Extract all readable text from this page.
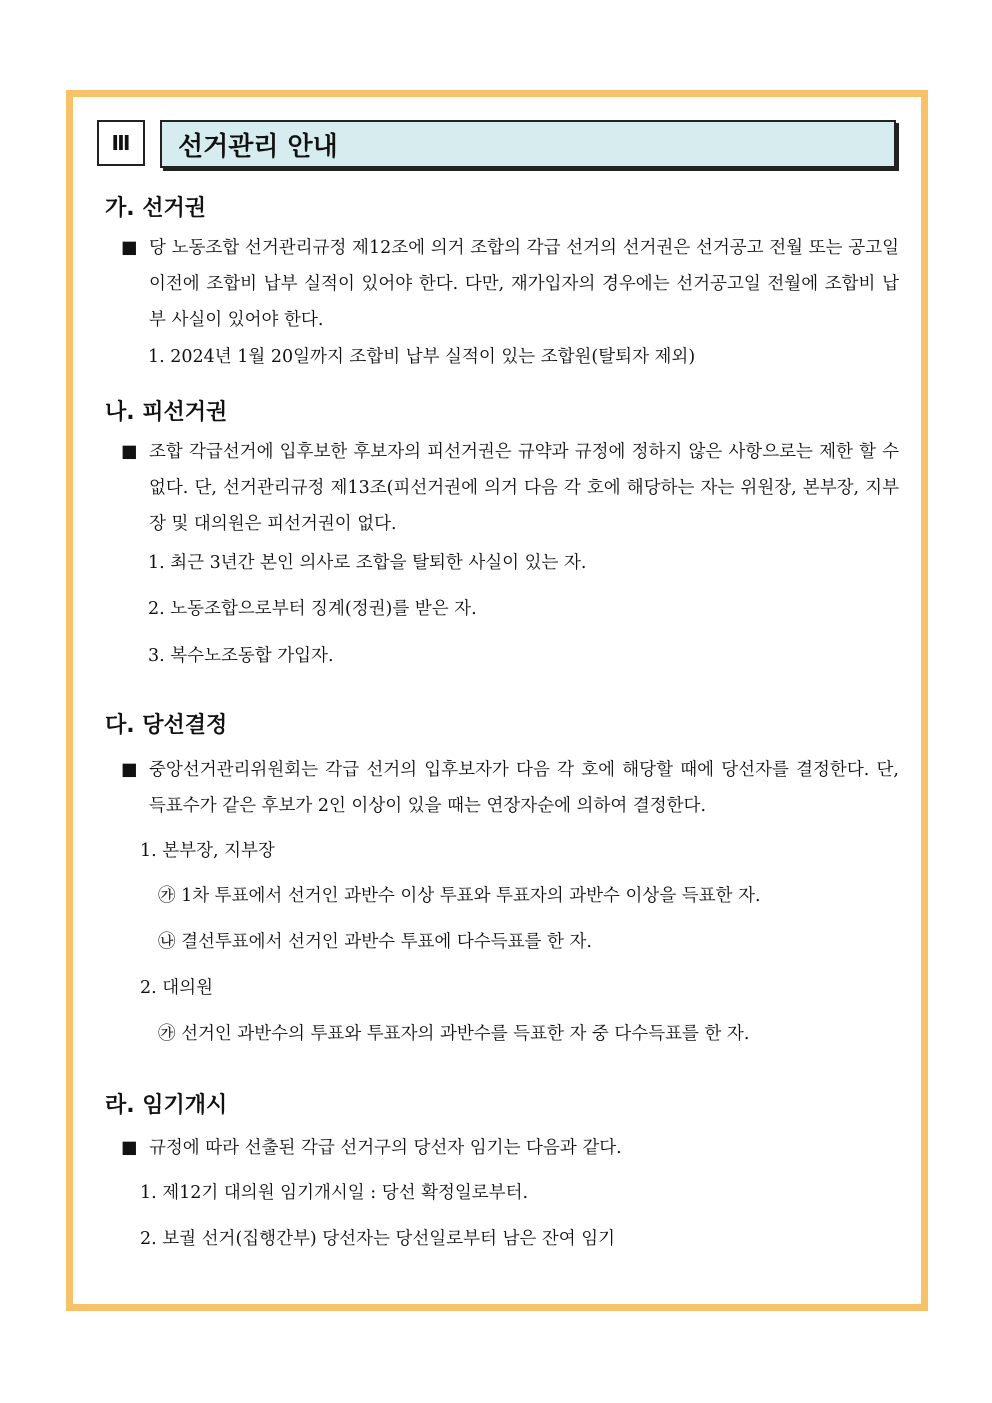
Ⅲ	선거관리 안내
가. 선거권
■ 당 노동조합 선거관리규정 제12조에 의거 조합의 각급 선거의 선거권은 선거공고 전월 또는 공고일 이전에 조합비 납부 실적이 있어야 한다. 다만, 재가입자의 경우에는 선거공고일 전월에 조합비 납부 사실이 있어야 한다.
1. 2024년 1월 20일까지 조합비 납부 실적이 있는 조합원(탈퇴자 제외)
나. 피선거권
■ 조합 각급선거에 입후보한 후보자의 피선거권은 규약과 규정에 정하지 않은 사항으로는 제한 할 수 없다. 단, 선거관리규정 제13조(피선거권에 의거 다음 각 호에 해당하는 자는 위원장, 본부장, 지부장 및 대의원은 피선거권이 없다.
1. 최근 3년간 본인 의사로 조합을 탈퇴한 사실이 있는 자.
2. 노동조합으로부터 징계(정권)를 받은 자.
3. 복수노조동합 가입자.
다. 당선결정
■ 중앙선거관리위원회는 각급 선거의 입후보자가 다음 각 호에 해당할 때에 당선자를 결정한다. 단, 득표수가 같은 후보가 2인 이상이 있을 때는 연장자순에 의하여 결정한다.
1. 본부장, 지부장
㉮ 1차 투표에서 선거인 과반수 이상 투표와 투표자의 과반수 이상을 득표한 자.
㉯ 결선투표에서 선거인 과반수 투표에 다수득표를 한 자.
2. 대의원
㉮ 선거인 과반수의 투표와 투표자의 과반수를 득표한 자 중 다수득표를 한 자.
라. 임기개시
■ 규정에 따라 선출된 각급 선거구의 당선자 임기는 다음과 같다.
1. 제12기 대의원 임기개시일 : 당선 확정일로부터.
2. 보궐 선거(집행간부) 당선자는 당선일로부터 남은 잔여 임기
